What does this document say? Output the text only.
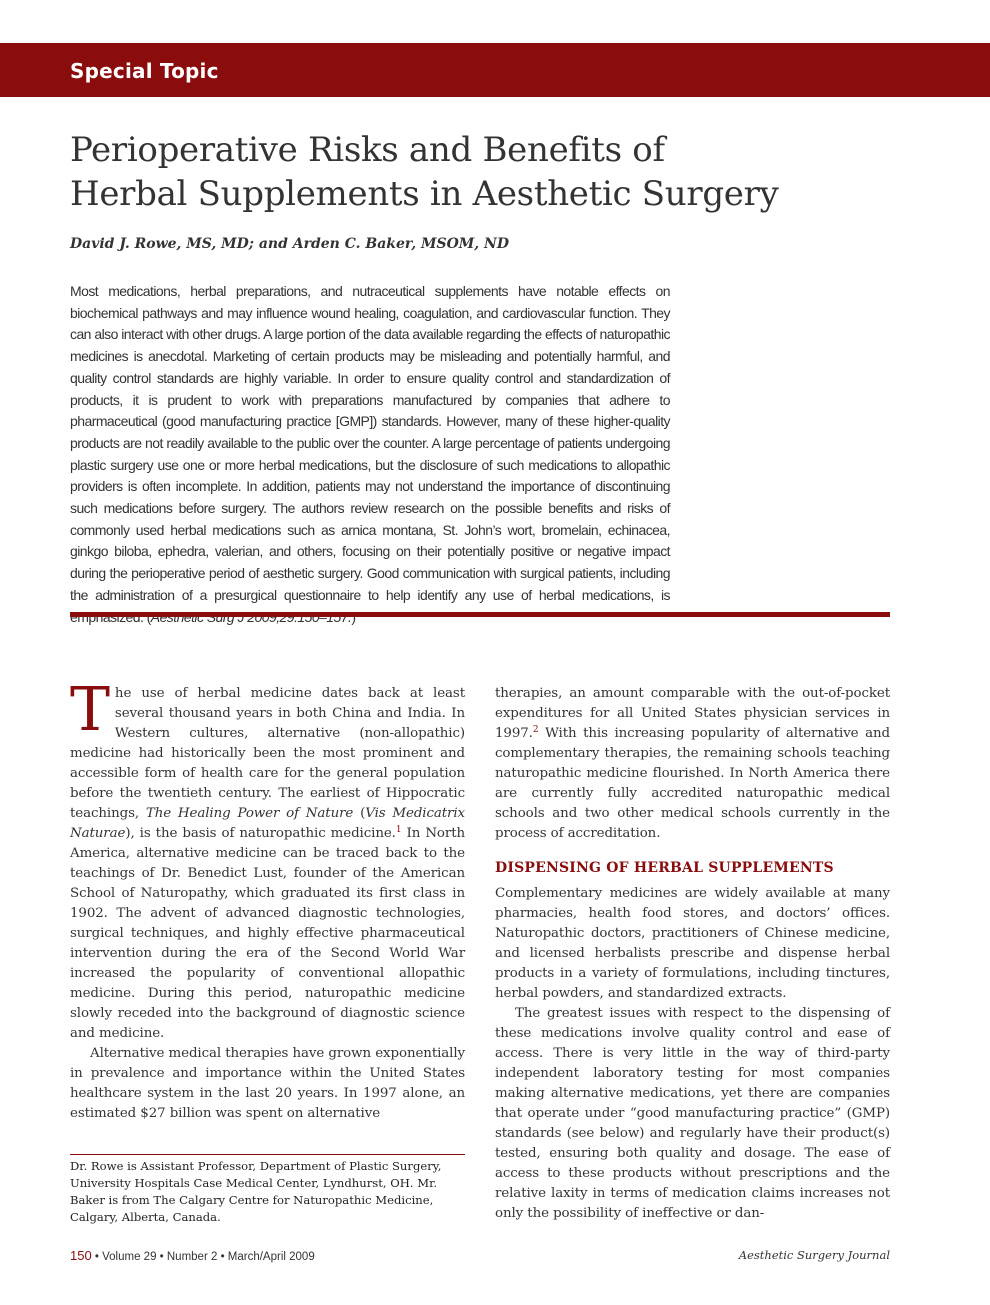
Special Topic
Perioperative Risks and Benefits of
Herbal Supplements in Aesthetic Surgery

David J. Rowe, MS, MD; and Arden C. Baker, MSOM, ND

Most medications, herbal preparations, and nutraceutical supplements have notable effects on biochemical pathways and may influence wound healing, coagulation, and cardiovascular function. They can also interact with other drugs. A large portion of the data available regarding the effects of naturopathic medicines is anecdotal. Marketing of certain products may be misleading and potentially harmful, and quality control standards are highly variable. In order to ensure quality control and standardization of products, it is prudent to work with preparations manufactured by companies that adhere to pharmaceutical (good manufacturing practice [GMP]) standards. However, many of these higher-quality products are not readily available to the public over the counter. A large percentage of patients undergoing plastic surgery use one or more herbal medications, but the disclosure of such medications to allopathic providers is often incomplete. In addition, patients may not understand the importance of discontinuing such medications before surgery. The authors review research on the possible benefits and risks of commonly used herbal medications such as arnica montana, St. John’s wort, bromelain, echinacea, ginkgo biloba, ephedra, valerian, and others, focusing on their potentially positive or negative impact during the perioperative period of aesthetic surgery. Good communication with surgical patients, including the administration of a presurgical questionnaire to help identify any use of herbal medications, is

The use of herbal medicine dates back at least several thousand years in both China and India. In Western cultures, alternative (non-allopathic) medicine had historically been the most prominent and accessible form of health care for the general population before the twentieth century. The earliest of Hippocratic teachings, The Healing Power of Nature (Vis Medicatrix Naturae), is the basis of naturopathic medicine.$^1$ In North America, alternative medicine can be traced back to the teachings of Dr. Benedict Lust, founder of the American School of Naturopathy, which graduated its first class in 1902. The advent of advanced diagnostic technologies, surgical techniques, and highly effective pharmaceutical intervention during the era of the Second World War increased the popularity of conventional allopathic medicine. During this period, naturopathic medicine slowly receded into the background of diagnostic science and medicine.

Alternative medical therapies have grown exponentially in prevalence and importance within the United States healthcare system in the last 20 years. In 1997 alone, an estimated $27 billion was spent on alternative

therapies, an amount comparable with the out-of-pocket expenditures for all United States physician services in 1997.$^2$ With this increasing popularity of alternative and complementary therapies, the remaining schools teaching naturopathic medicine flourished. In North America there are currently fully accredited naturopathic medical schools and two other medical schools currently in the process of accreditation.

DISPENSING OF HERBAL SUPPLEMENTS

Complementary medicines are widely available at many pharmacies, health food stores, and doctors’ offices. Naturopathic doctors, practitioners of Chinese medicine, and licensed herbalists prescribe and dispense herbal products in a variety of formulations, including tinctures, herbal powders, and standardized extracts.

The greatest issues with respect to the dispensing of these medications involve quality control and ease of access. There is very little in the way of third-party independent laboratory testing for most companies making alternative medications, yet there are companies that operate under “good manufacturing practice” (GMP) standards (see below) and regularly have their product(s) tested, ensuring both quality and dosage. The ease of access to these products without prescriptions and the relative laxity in terms of medication claims increases not only the possibility of ineffective or dan-

Dr. Rowe is Assistant Professor, Department of Plastic Surgery, University Hospitals Case Medical Center, Lyndhurst, OH. Mr. Baker is from The Calgary Centre for Naturopathic Medicine, Calgary, Alberta, Canada.

150 • Volume 29 • Number 2 • March/April 2009	Aesthetic Surgery Journal
